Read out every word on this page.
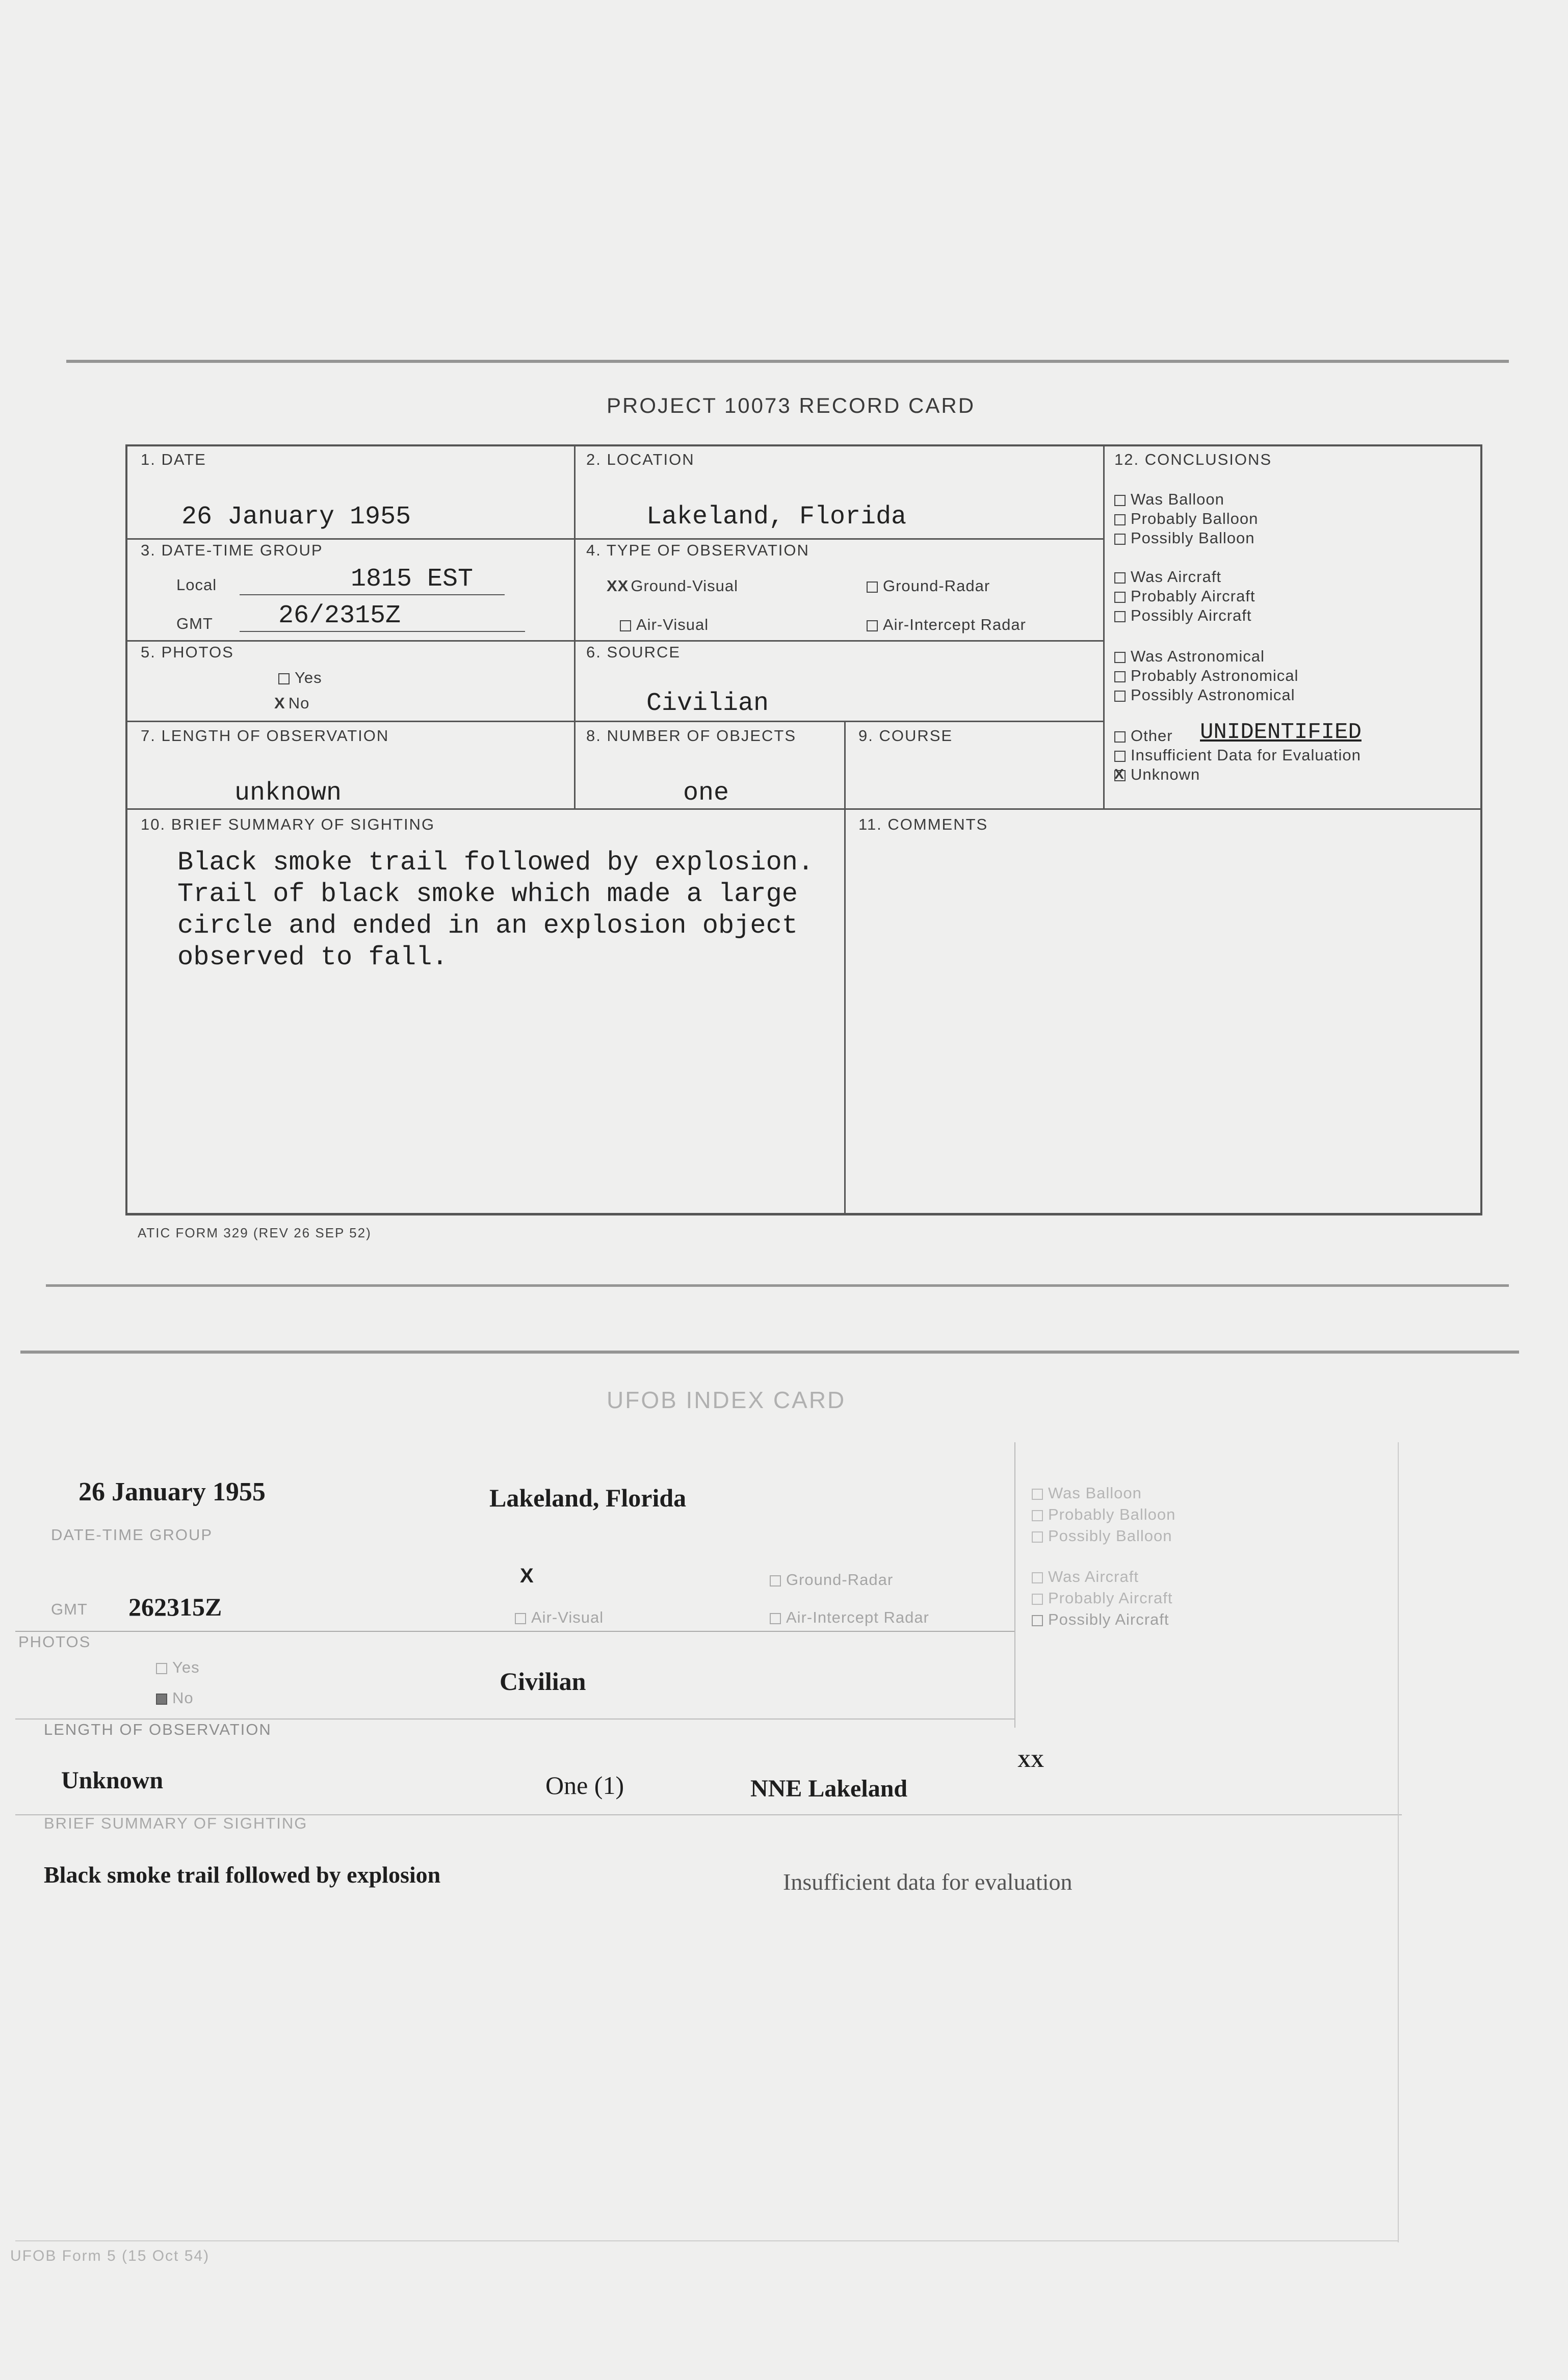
PROJECT 10073 RECORD CARD
1. DATE
26 January 1955
2. LOCATION
Lakeland, Florida
12. CONCLUSIONS
Was Balloon
Probably Balloon
Possibly Balloon
Was Aircraft
Probably Aircraft
Possibly Aircraft
Was Astronomical
Probably Astronomical
Possibly Astronomical
Other UNIDENTIFIED
Insufficient Data for Evaluation
X Unknown
3. DATE-TIME GROUP
Local	1815 EST
GMT	26/2315Z
4. TYPE OF OBSERVATION
XX Ground-Visual	Ground-Radar
Air-Visual	Air-Intercept Radar
5. PHOTOS
Yes
X No
6. SOURCE
Civilian
7. LENGTH OF OBSERVATION
unknown
8. NUMBER OF OBJECTS
one
9. COURSE
10. BRIEF SUMMARY OF SIGHTING
Black smoke trail followed by explosion. Trail of black smoke which made a large circle and ended in an explosion object observed to fall.
11. COMMENTS
ATIC FORM 329 (REV 26 SEP 52)
UFOB INDEX CARD
26 January 1955	Lakeland, Florida
DATE-TIME GROUP
GMT 262315Z
X	Ground-Radar
Air-Visual	Air-Intercept Radar
PHOTOS
Yes
No
Civilian
LENGTH OF OBSERVATION
Unknown	One (1)	NNE Lakeland
XX
BRIEF SUMMARY OF SIGHTING
Black smoke trail followed by explosion	Insufficient data for evaluation
Was Balloon
Probably Balloon
Possibly Balloon
Was Aircraft
Probably Aircraft
Possibly Aircraft
UFOB Form 5 (15 Oct 54)
